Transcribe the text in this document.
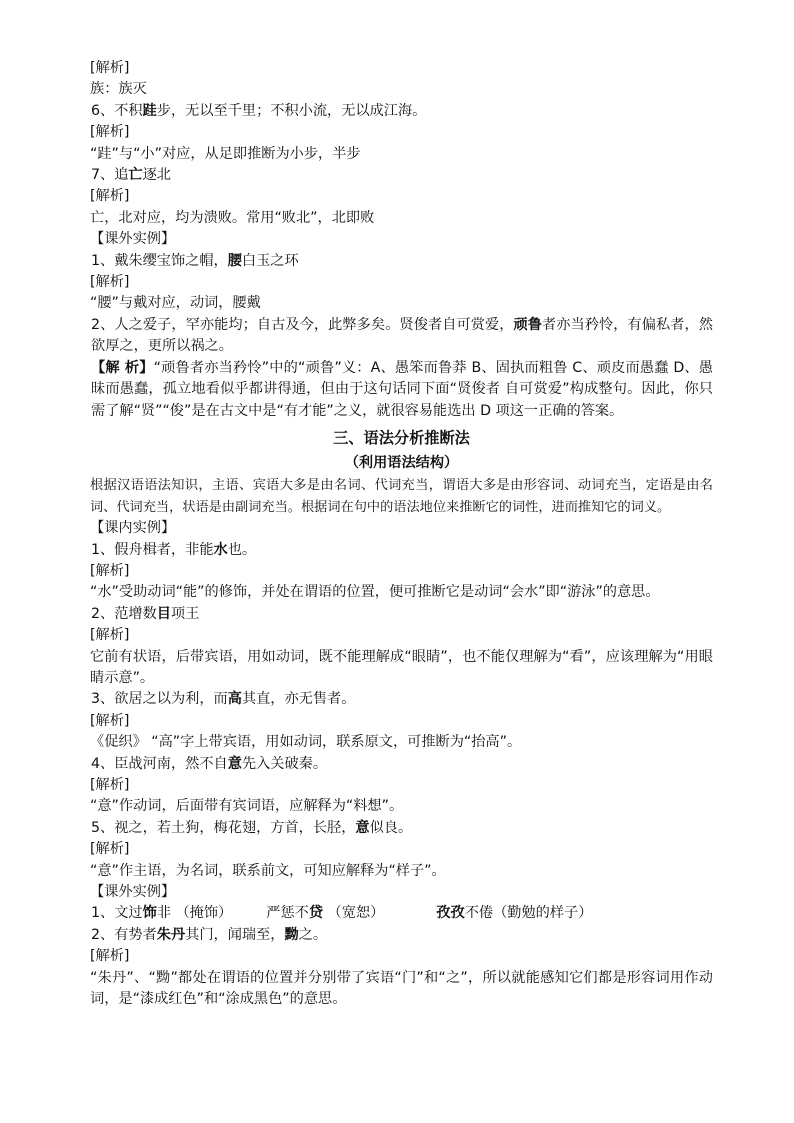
[解析]
族：族灭
6、不积跬步，无以至千里；不积小流，无以成江海。
[解析]
“跬”与“小”对应，从足即推断为小步，半步
7、追亡逐北
[解析]
亡，北对应，均为溃败。常用“败北”，北即败
【课外实例】
1、戴朱缨宝饰之帽，腰白玉之环
[解析]
“腰”与戴对应，动词，腰戴
2、人之爱子，罕亦能均；自古及今，此弊多矣。贤俊者自可赏爱，顽鲁者亦当矜怜，有偏私者，然欲厚之，更所以祸之。
【解 析】“顽鲁者亦当矜怜”中的“顽鲁”义：A、愚笨而鲁莽 B、固执而粗鲁 C、顽皮而愚蠢 D、愚昧而愚蠢，孤立地看似乎都讲得通，但由于这句话同下面“贤俊者 自可赏爱”构成整句。因此，你只需了解“贤”“俊”是在古文中是“有才能”之义，就很容易能选出 D 项这一正确的答案。
三、语法分析推断法
（利用语法结构）
根据汉语语法知识，主语、宾语大多是由名词、代词充当，谓语大多是由形容词、动词充当，定语是由名词、代词充当，状语是由副词充当。根据词在句中的语法地位来推断它的词性，进而推知它的词义。
【课内实例】
1、假舟楫者，非能水也。
[解析]
“水”受助动词“能”的修饰，并处在谓语的位置，便可推断它是动词“会水”即“游泳”的意思。
2、范增数目项王
[解析]
它前有状语，后带宾语，用如动词，既不能理解成“眼睛”，也不能仅理解为“看”，应该理解为“用眼睛示意”。
3、欲居之以为利，而高其直，亦无售者。
[解析]
《促织》 “高”字上带宾语，用如动词，联系原文，可推断为“抬高”。
4、臣战河南，然不自意先入关破秦。
[解析]
“意”作动词，后面带有宾词语，应解释为“料想”。
5、视之，若土狗，梅花翅，方首，长胫，意似良。
[解析]
“意”作主语，为名词，联系前文，可知应解释为“样子”。
【课外实例】
1、文过饰非 （掩饰） 严惩不贷 （宽恕）	孜孜不倦（勤勉的样子）
2、有势者朱丹其门，闻瑞至，黝之。
[解析]
“朱丹”、“黝”都处在谓语的位置并分别带了宾语“门”和“之”，所以就能感知它们都是形容词用作动词，是“漆成红色”和“涂成黑色”的意思。
